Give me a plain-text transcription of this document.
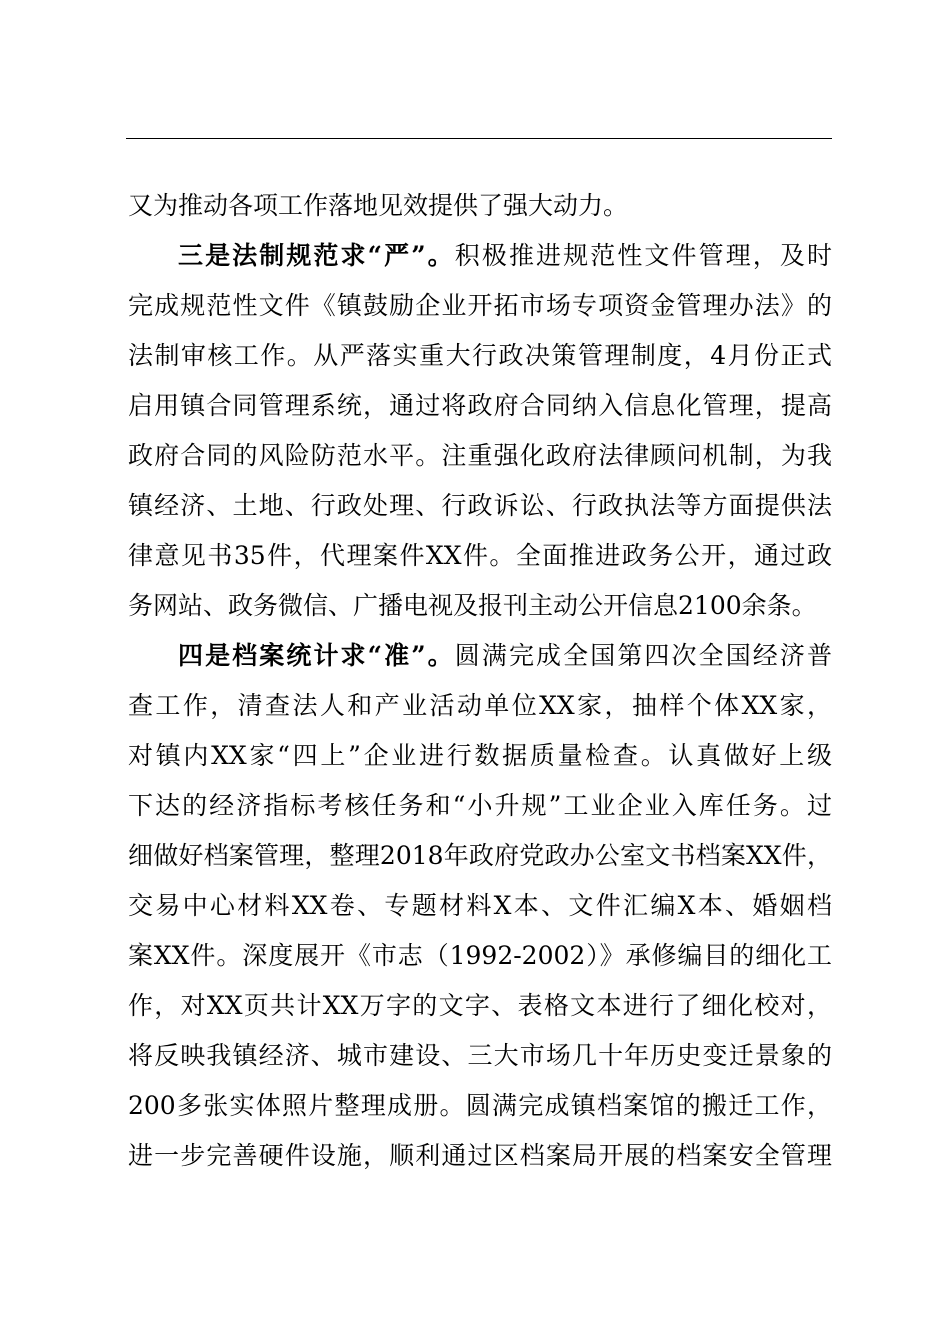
又为推动各项工作落地见效提供了强大动力。
三是法制规范求“严”。积极推进规范性文件管理，及时
完成规范性文件《镇鼓励企业开拓市场专项资金管理办法》的
法制审核工作。从严落实重大行政决策管理制度，4月份正式
启用镇合同管理系统，通过将政府合同纳入信息化管理，提高
政府合同的风险防范水平。注重强化政府法律顾问机制，为我
镇经济、土地、行政处理、行政诉讼、行政执法等方面提供法
律意见书35件，代理案件XX件。全面推进政务公开，通过政
务网站、政务微信、广播电视及报刊主动公开信息2100余条。
四是档案统计求“准”。圆满完成全国第四次全国经济普
查工作，清查法人和产业活动单位XX家，抽样个体XX家，
对镇内XX家“四上”企业进行数据质量检查。认真做好上级
下达的经济指标考核任务和“小升规”工业企业入库任务。过
细做好档案管理，整理2018年政府党政办公室文书档案XX件，
交易中心材料XX卷、专题材料X本、文件汇编X本、婚姻档
案XX件。深度展开《市志（1992-2002）》承修编目的细化工
作，对XX页共计XX万字的文字、表格文本进行了细化校对，
将反映我镇经济、城市建设、三大市场几十年历史变迁景象的
200多张实体照片整理成册。圆满完成镇档案馆的搬迁工作，
进一步完善硬件设施，顺利通过区档案局开展的档案安全管理
